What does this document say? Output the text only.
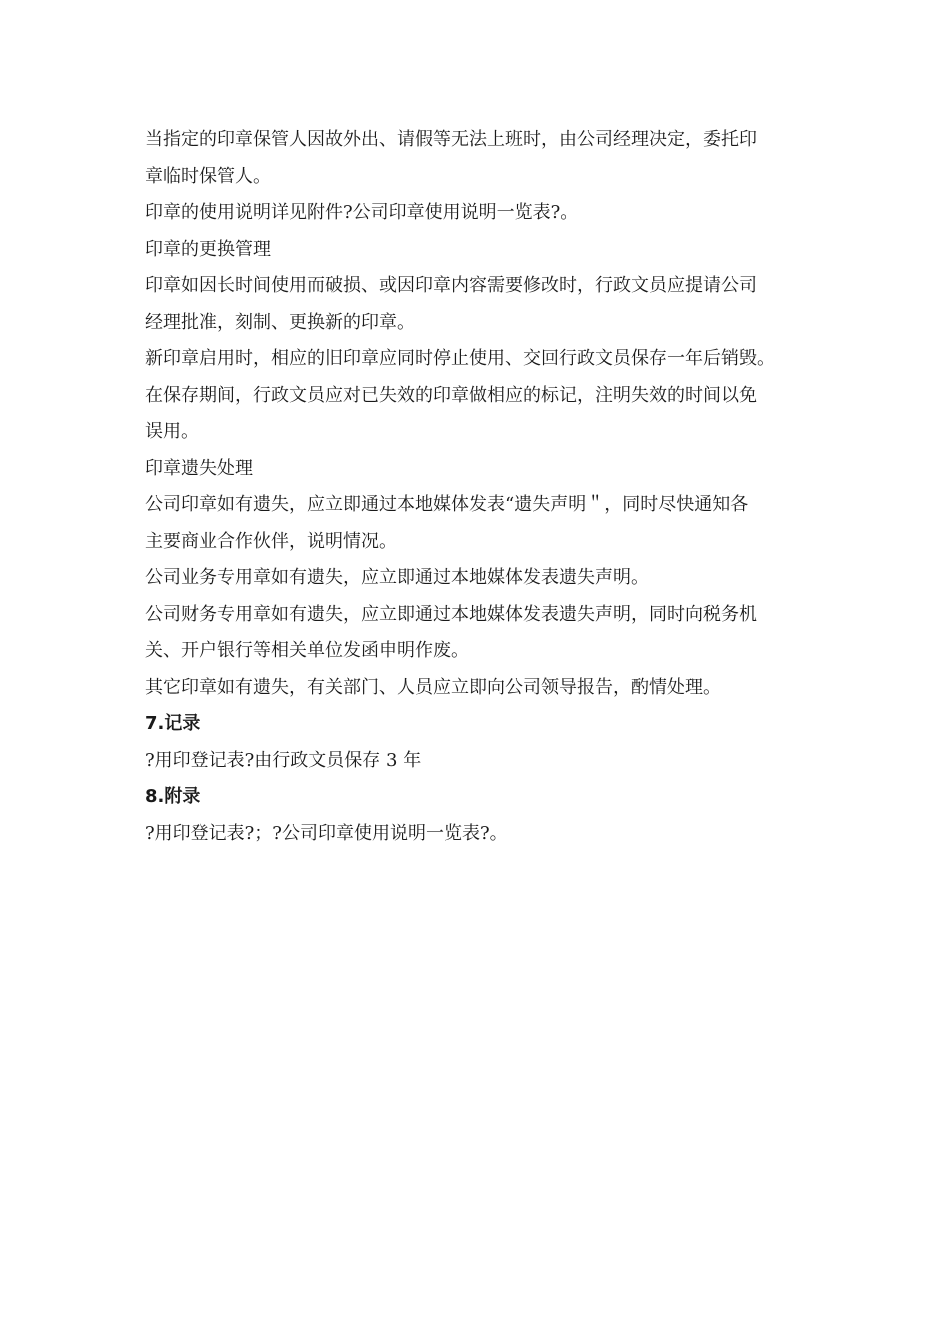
当指定的印章保管人因故外出、请假等无法上班时，由公司经理决定，委托印

章临时保管人。

印章的使用说明详见附件?公司印章使用说明一览表?。

印章的更换管理

印章如因长时间使用而破损、或因印章内容需要修改时，行政文员应提请公司

经理批准，刻制、更换新的印章。

新印章启用时，相应的旧印章应同时停止使用、交回行政文员保存一年后销毁。

在保存期间，行政文员应对已失效的印章做相应的标记，注明失效的时间以免

误用。

印章遗失处理

公司印章如有遗失，应立即通过本地媒体发表“遗失声明＂，同时尽快通知各

主要商业合作伙伴，说明情况。

公司业务专用章如有遗失，应立即通过本地媒体发表遗失声明。

公司财务专用章如有遗失，应立即通过本地媒体发表遗失声明，同时向税务机

关、开户银行等相关单位发函申明作废。

其它印章如有遗失，有关部门、人员应立即向公司领导报告，酌情处理。

7.记录

?用印登记表?由行政文员保存 3 年

8.附录

?用印登记表?；?公司印章使用说明一览表?。
